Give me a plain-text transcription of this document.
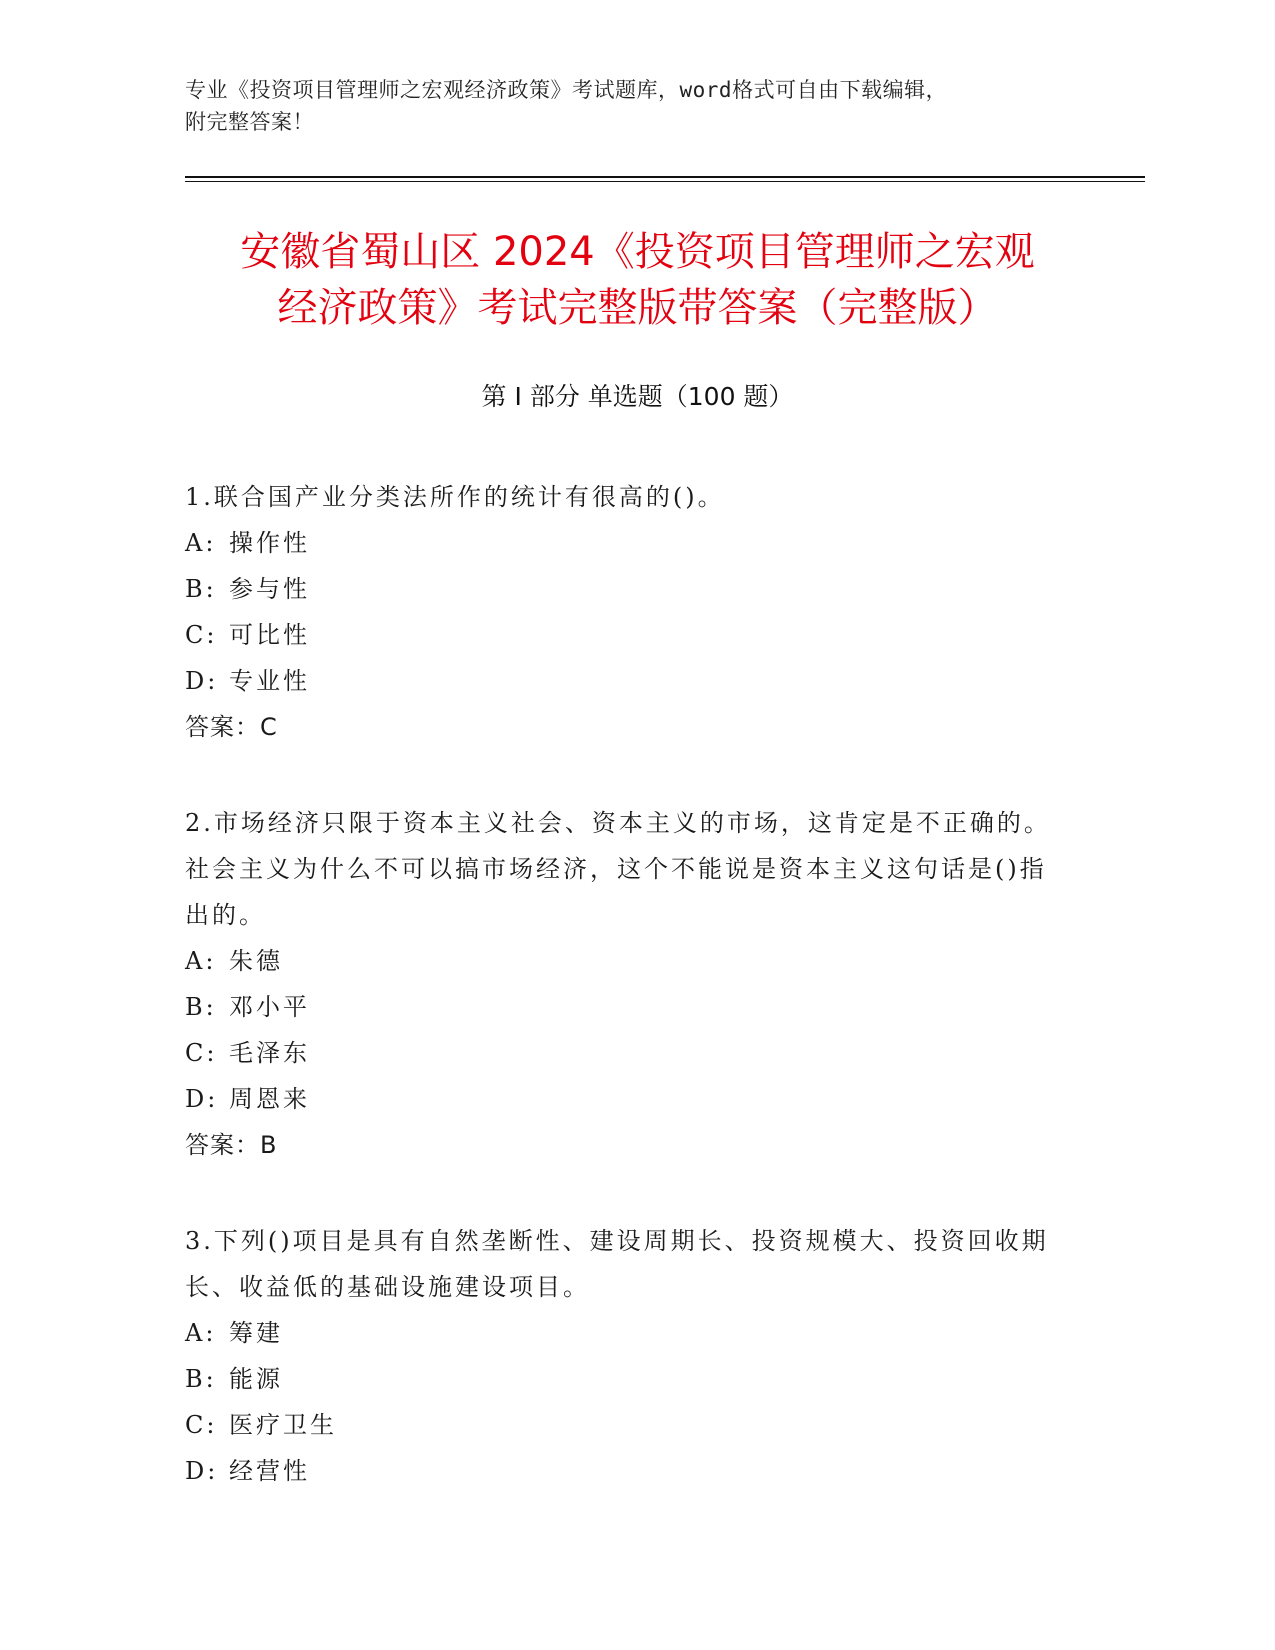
专业《投资项目管理师之宏观经济政策》考试题库，word格式可自由下载编辑，
附完整答案！
安徽省蜀山区 2024《投资项目管理师之宏观
经济政策》考试完整版带答案（完整版）
第 I 部分 单选题（100 题）
1.联合国产业分类法所作的统计有很高的()。
A: 操作性
B: 参与性
C: 可比性
D: 专业性
答案：C
2.市场经济只限于资本主义社会、资本主义的市场，这肯定是不正确的。社会主义为什么不可以搞市场经济，这个不能说是资本主义这句话是()指出的。
A: 朱德
B: 邓小平
C: 毛泽东
D: 周恩来
答案：B
3.下列()项目是具有自然垄断性、建设周期长、投资规模大、投资回收期长、收益低的基础设施建设项目。
A: 筹建
B: 能源
C: 医疗卫生
D: 经营性
